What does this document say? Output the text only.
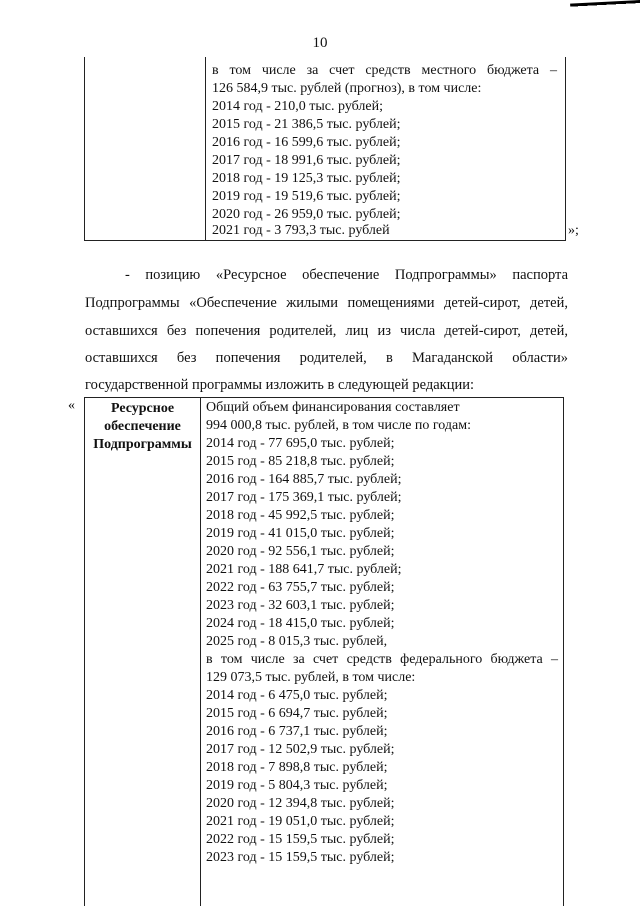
10
в том числе за счет средств местного бюджета –
126 584,9 тыс. рублей (прогноз), в том числе:
2014 год - 210,0 тыс. рублей;
2015 год - 21 386,5 тыс. рублей;
2016 год - 16 599,6 тыс. рублей;
2017 год - 18 991,6 тыс. рублей;
2018 год - 19 125,3 тыс. рублей;
2019 год - 19 519,6 тыс. рублей;
2020 год - 26 959,0 тыс. рублей;
2021 год - 3 793,3 тыс. рублей	»;
- позицию «Ресурсное обеспечение Подпрограммы» паспорта
Подпрограммы «Обеспечение жилыми помещениями детей-сирот, детей,
оставшихся без попечения родителей, лиц из числа детей-сирот, детей,
оставшихся без попечения родителей, в Магаданской области»
государственной программы изложить в следующей редакции:
«	Ресурсное
обеспечение
Подпрограммы
Общий объем финансирования составляет
994 000,8 тыс. рублей, в том числе по годам:
2014 год - 77 695,0 тыс. рублей;
2015 год - 85 218,8 тыс. рублей;
2016 год - 164 885,7 тыс. рублей;
2017 год - 175 369,1 тыс. рублей;
2018 год - 45 992,5 тыс. рублей;
2019 год - 41 015,0 тыс. рублей;
2020 год - 92 556,1 тыс. рублей;
2021 год - 188 641,7 тыс. рублей;
2022 год - 63 755,7 тыс. рублей;
2023 год - 32 603,1 тыс. рублей;
2024 год - 18 415,0 тыс. рублей;
2025 год - 8 015,3 тыс. рублей,
в том числе за счет средств федерального бюджета –
129 073,5 тыс. рублей, в том числе:
2014 год - 6 475,0 тыс. рублей;
2015 год - 6 694,7 тыс. рублей;
2016 год - 6 737,1 тыс. рублей;
2017 год - 12 502,9 тыс. рублей;
2018 год - 7 898,8 тыс. рублей;
2019 год - 5 804,3 тыс. рублей;
2020 год - 12 394,8 тыс. рублей;
2021 год - 19 051,0 тыс. рублей;
2022 год - 15 159,5 тыс. рублей;
2023 год - 15 159,5 тыс. рублей;
